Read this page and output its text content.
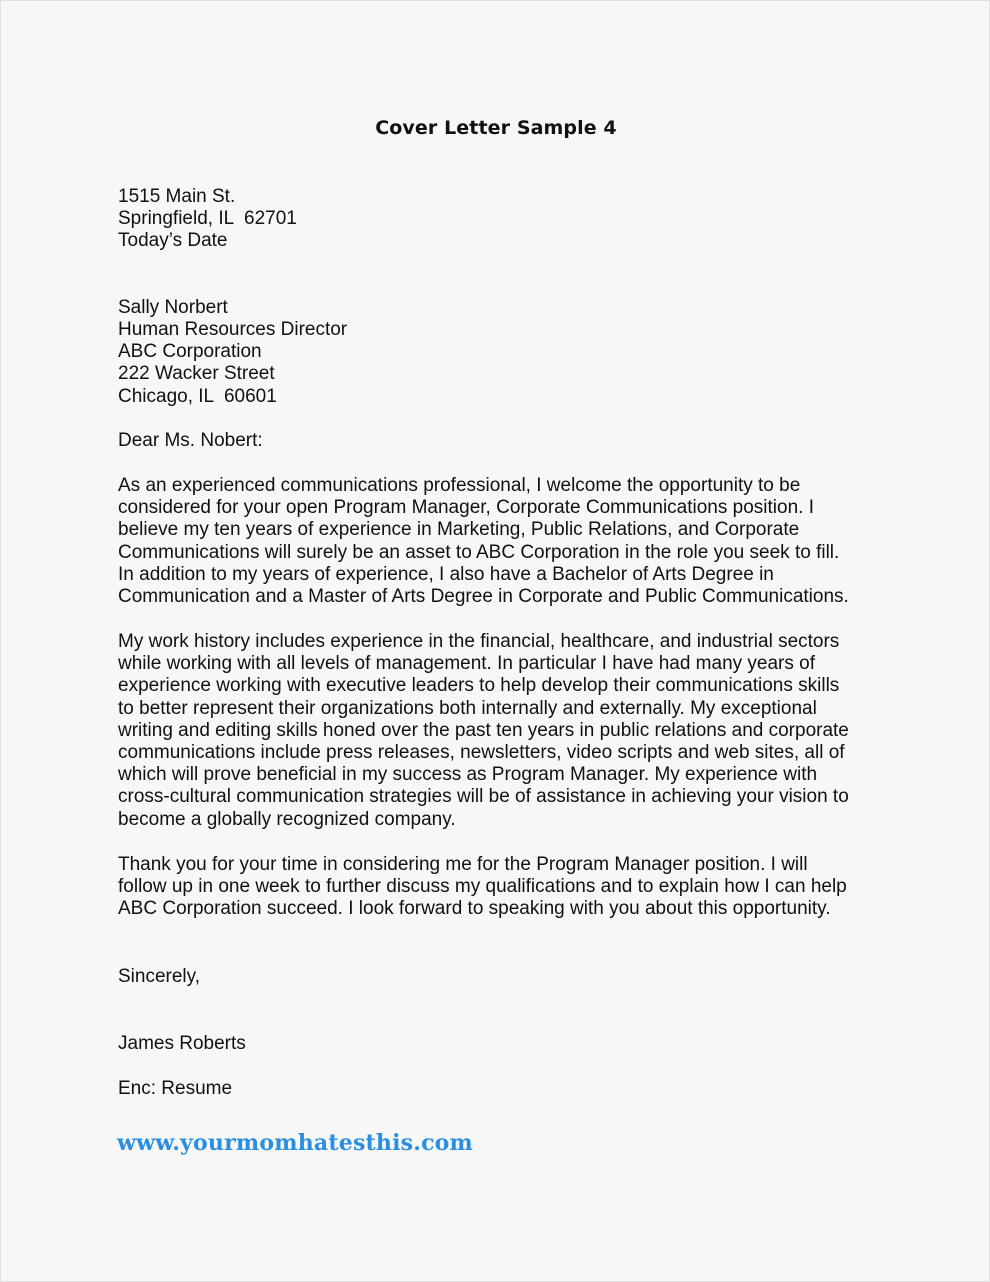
Cover Letter Sample 4
1515 Main St.
Springfield, IL  62701
Today’s Date
Sally Norbert
Human Resources Director
ABC Corporation
222 Wacker Street
Chicago, IL  60601
Dear Ms. Nobert:
As an experienced communications professional, I welcome the opportunity to be
considered for your open Program Manager, Corporate Communications position. I
believe my ten years of experience in Marketing, Public Relations, and Corporate
Communications will surely be an asset to ABC Corporation in the role you seek to fill.
In addition to my years of experience, I also have a Bachelor of Arts Degree in
Communication and a Master of Arts Degree in Corporate and Public Communications.
My work history includes experience in the financial, healthcare, and industrial sectors
while working with all levels of management. In particular I have had many years of
experience working with executive leaders to help develop their communications skills
to better represent their organizations both internally and externally. My exceptional
writing and editing skills honed over the past ten years in public relations and corporate
communications include press releases, newsletters, video scripts and web sites, all of
which will prove beneficial in my success as Program Manager. My experience with
cross-cultural communication strategies will be of assistance in achieving your vision to
become a globally recognized company.
Thank you for your time in considering me for the Program Manager position. I will
follow up in one week to further discuss my qualifications and to explain how I can help
ABC Corporation succeed. I look forward to speaking with you about this opportunity.
Sincerely,
James Roberts
Enc: Resume
www.yourmomhatesthis.com
